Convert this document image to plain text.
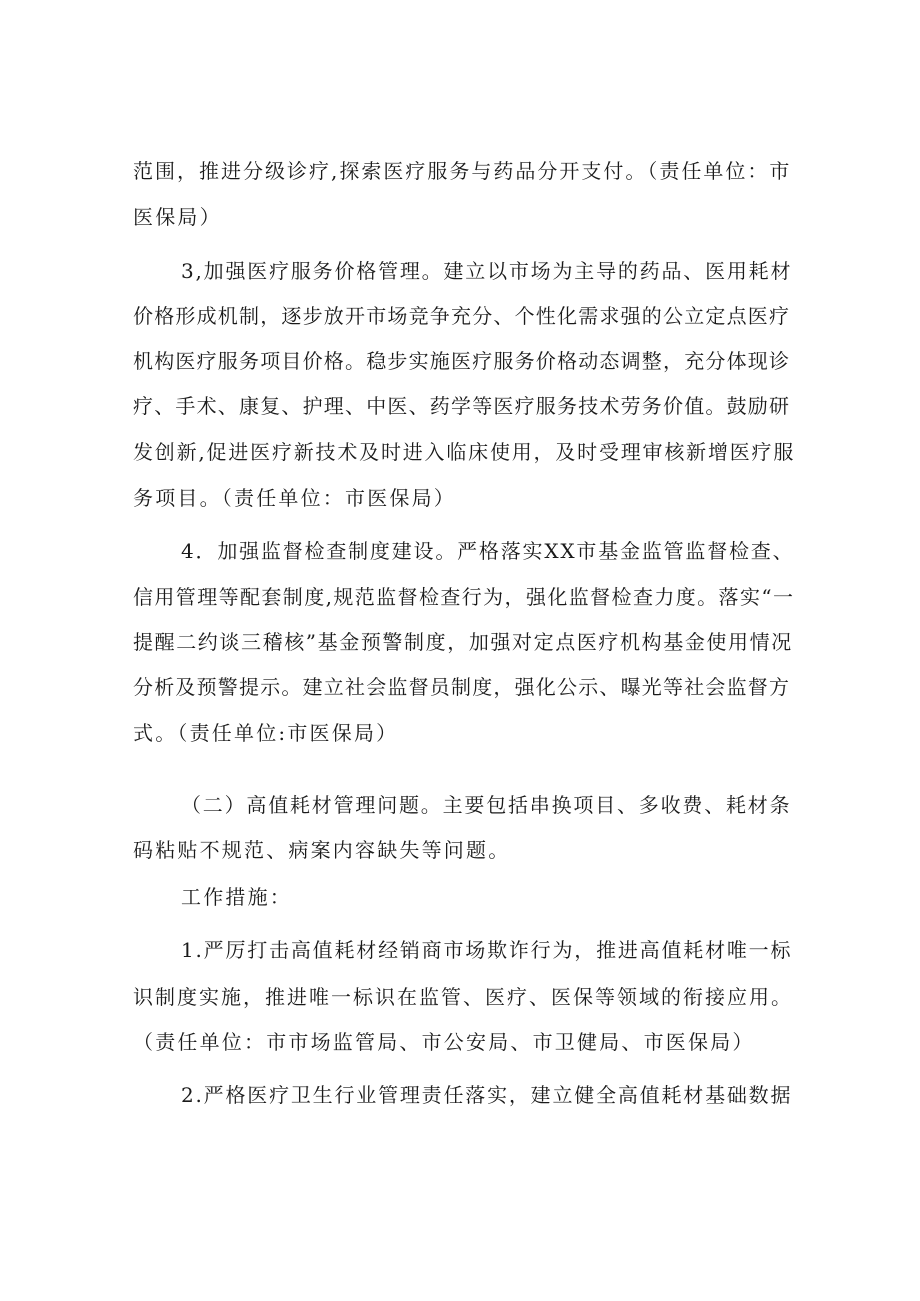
范围，推进分级诊疗,探索医疗服务与药品分开支付。（责任单位：市
医保局）
3,加强医疗服务价格管理。建立以市场为主导的药品、医用耗材
价格形成机制，逐步放开市场竞争充分、个性化需求强的公立定点医疗
机构医疗服务项目价格。稳步实施医疗服务价格动态调整，充分体现诊
疗、手术、康复、护理、中医、药学等医疗服务技术劳务价值。鼓励研
发创新,促进医疗新技术及时进入临床使用，及时受理审核新增医疗服
务项目。（责任单位：市医保局）
4．加强监督检查制度建设。严格落实XX市基金监管监督检查、
信用管理等配套制度,规范监督检查行为，强化监督检查力度。落实“一
提醒二约谈三稽核”基金预警制度，加强对定点医疗机构基金使用情况
分析及预警提示。建立社会监督员制度，强化公示、曝光等社会监督方
式。（责任单位:市医保局）
（二）高值耗材管理问题。主要包括串换项目、多收费、耗材条
码粘贴不规范、病案内容缺失等问题。
工作措施：
1.严厉打击高值耗材经销商市场欺诈行为，推进高值耗材唯一标
识制度实施，推进唯一标识在监管、医疗、医保等领域的衔接应用。
（责任单位：市市场监管局、市公安局、市卫健局、市医保局）
2.严格医疗卫生行业管理责任落实，建立健全高值耗材基础数据
